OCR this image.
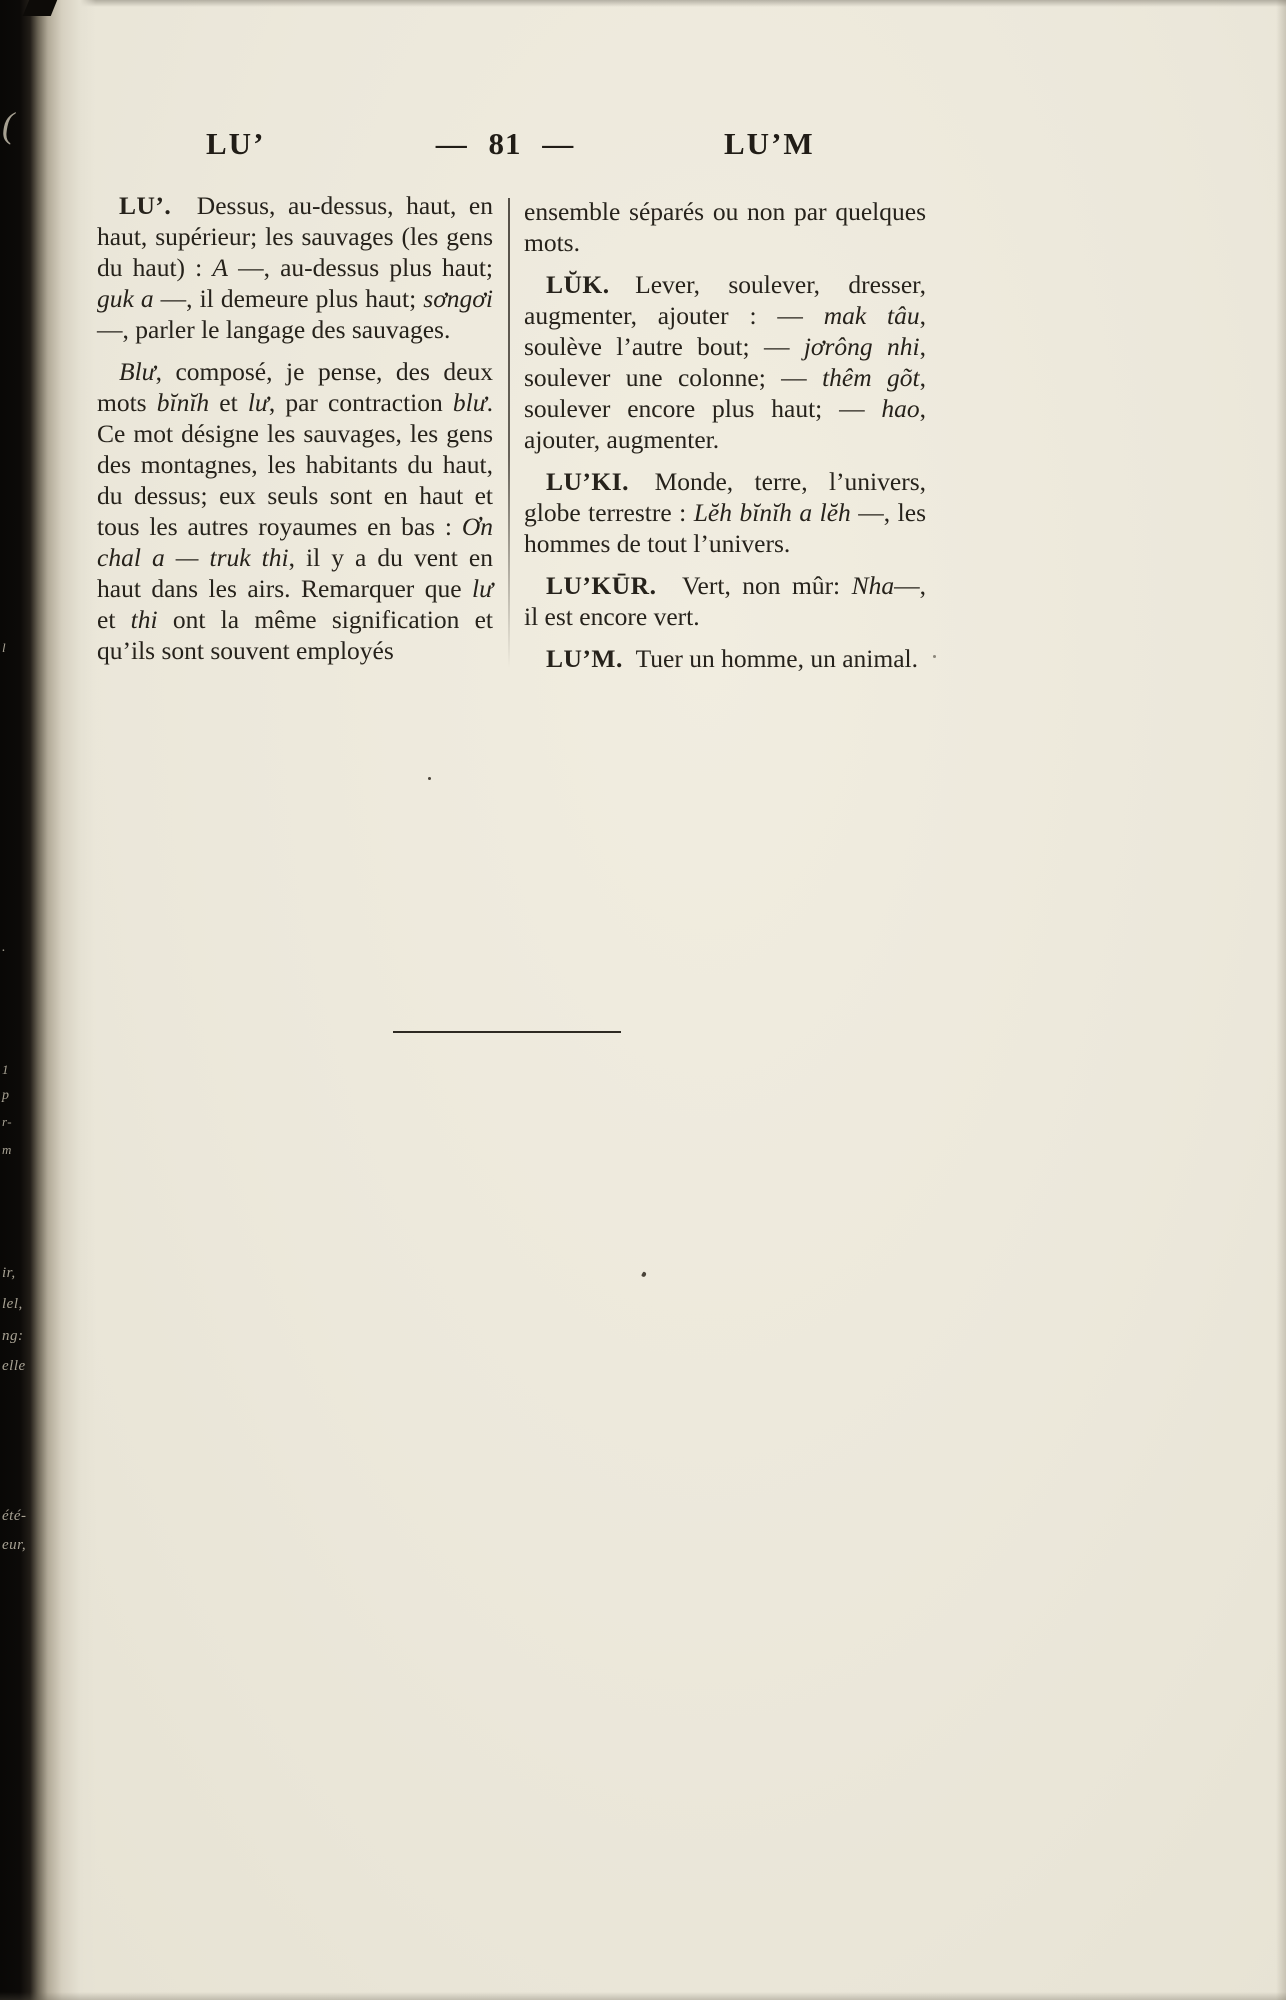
(
l
.
1
p
r-
m
ir,
lel,
ng:
elle
été-
eur,
LU’	— 81 —	LU’M

LU’.  Dessus, au-dessus, haut, en haut, supérieur; les sauvages (les gens du haut) : A —, au-dessus plus haut; guk a —, il demeure plus haut; sơngơi —, parler le langage des sauvages.

Blư, composé, je pense, des deux mots bĭnĭh et lư, par contraction blư. Ce mot désigne les sauvages, les gens des montagnes, les habitants du haut, du dessus; eux seuls sont en haut et tous les autres royaumes en bas : Ơn chal a — truk thi, il y a du vent en haut dans les airs. Remarquer que lư et thi ont la même signification et qu’ils sont souvent employés

ensemble séparés ou non par quelques mots.

LŬK.  Lever, soulever, dresser, augmenter, ajouter : — mak tâu, soulève l’autre bout; — jơrông nhi, soulever une colonne; — thêm gõt, soulever encore plus haut; — hao, ajouter, augmenter.

LU’KI.  Monde, terre, l’univers, globe terrestre : Lĕh bĭnĭh a lĕh —, les hommes de tout l’univers.

LU’KŪR.  Vert, non mûr: Nha—, il est encore vert.

LU’M. Tuer un homme, un animal.
